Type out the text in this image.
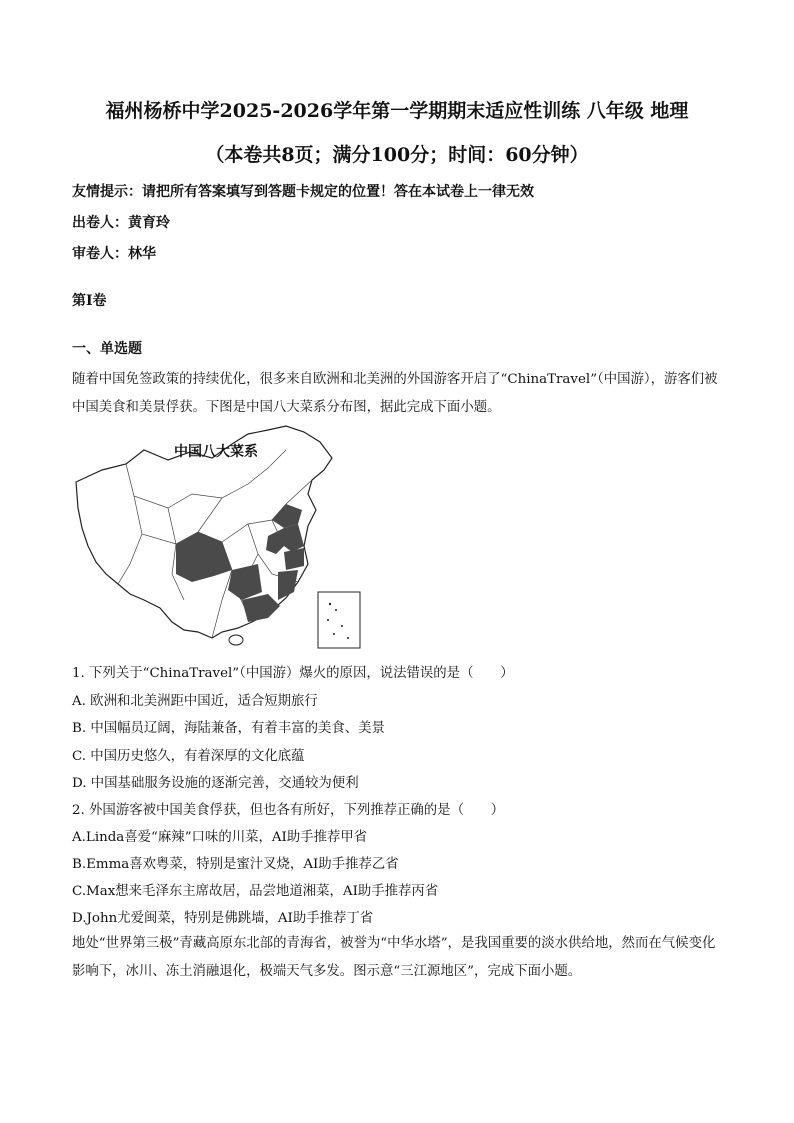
福州杨桥中学2025-2026学年第一学期期末适应性训练 八年级 地理
（本卷共8页；满分100分；时间：60分钟）
友情提示：请把所有答案填写到答题卡规定的位置！答在本试卷上一律无效
出卷人：黄育玲
审卷人：林华
第I卷
一、单选题
随着中国免签政策的持续优化，很多来自欧洲和北美洲的外国游客开启了“ChinaTravel”（中国游），游客们被中国美食和美景俘获。下图是中国八大菜系分布图，据此完成下面小题。
中国八大菜系
1. 下列关于“ChinaTravel”（中国游）爆火的原因，说法错误的是（　　）
A. 欧洲和北美洲距中国近，适合短期旅行
B. 中国幅员辽阔，海陆兼备，有着丰富的美食、美景
C. 中国历史悠久，有着深厚的文化底蕴
D. 中国基础服务设施的逐渐完善，交通较为便利
2. 外国游客被中国美食俘获，但也各有所好，下列推荐正确的是（　　）
A.Linda喜爱“麻辣”口味的川菜，AI助手推荐甲省
B.Emma喜欢粤菜，特别是蜜汁叉烧，AI助手推荐乙省
C.Max想来毛泽东主席故居，品尝地道湘菜，AI助手推荐丙省
D.John尤爱闽菜，特别是佛跳墙，AI助手推荐丁省
地处“世界第三极”青藏高原东北部的青海省，被誉为“中华水塔”，是我国重要的淡水供给地，然而在气候变化影响下，冰川、冻土消融退化，极端天气多发。图示意“三江源地区”，完成下面小题。
